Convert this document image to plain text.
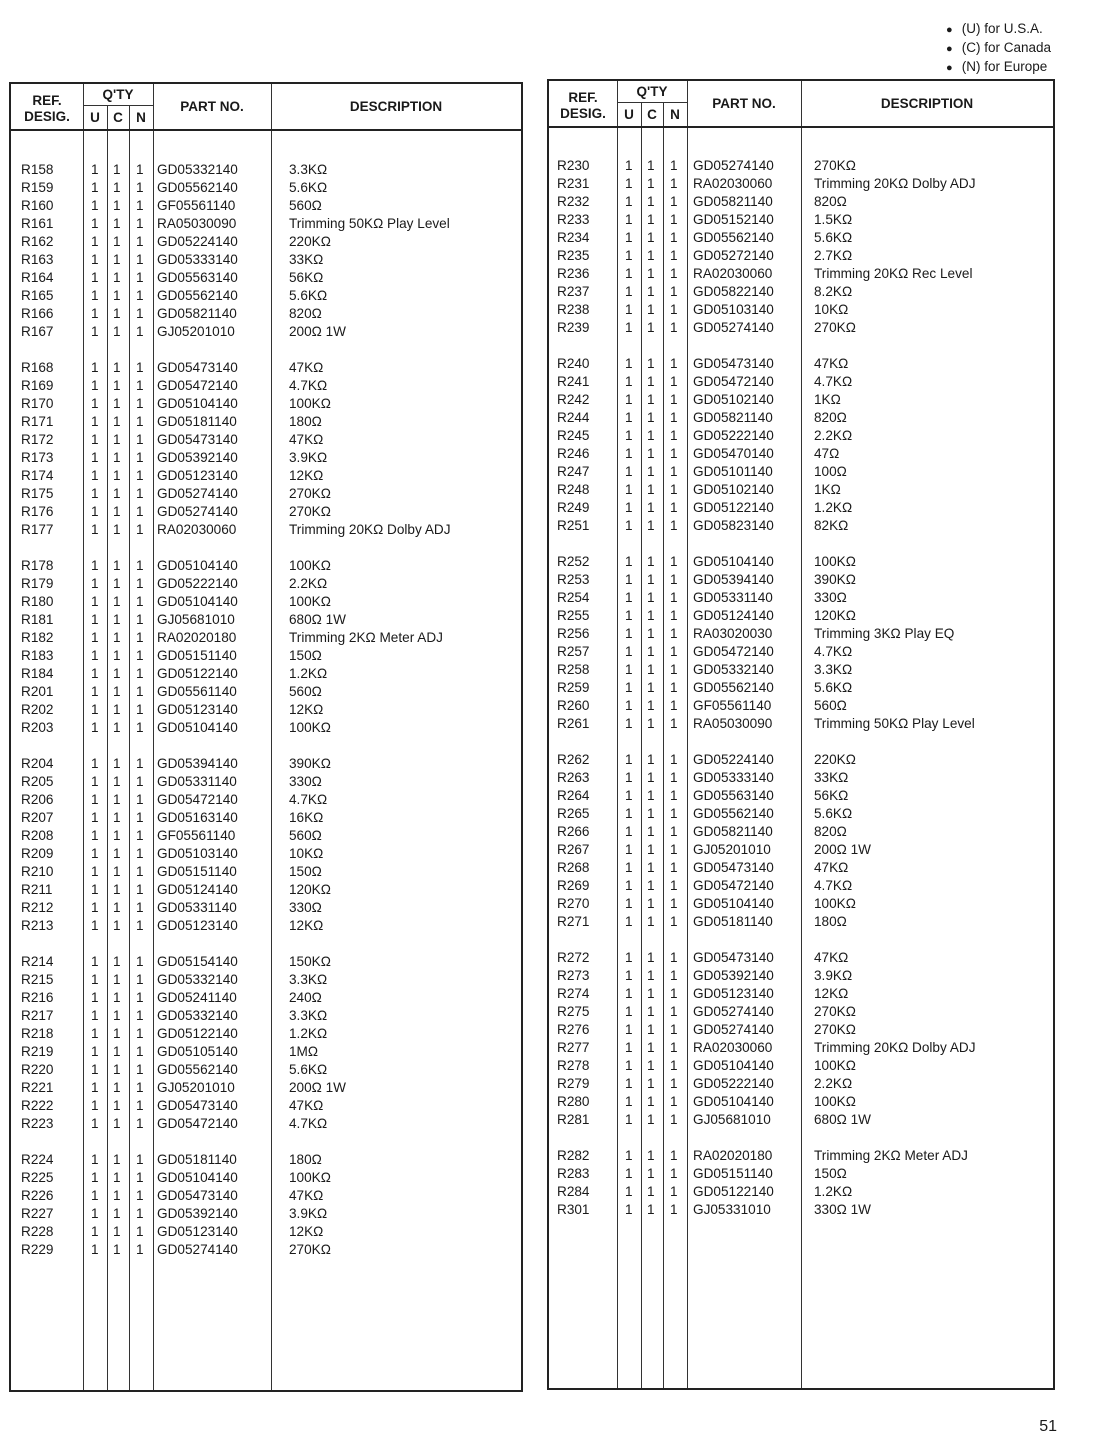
● (U) for U.S.A.
● (C) for Canada
● (N) for Europe
REF. DESIG.
Q'TY
U C N
PART NO.	DESCRIPTION
R158	1 1 1 GD05332140	3.3KΩ
R159	1 1 1 GD05562140	5.6KΩ
R160	1 1 1 GF05561140	560Ω
R161	1 1 1 RA05030090	Trimming 50KΩ Play Level
R162	1 1 1 GD05224140	220KΩ
R163	1 1 1 GD05333140	33KΩ
R164	1 1 1 GD05563140	56KΩ
R165	1 1 1 GD05562140	5.6KΩ
R166	1 1 1 GD05821140	820Ω
R167	1 1 1 GJ05201010	200Ω 1W
R168	1 1 1 GD05473140	47KΩ
R169	1 1 1 GD05472140	4.7KΩ
R170	1 1 1 GD05104140	100KΩ
R171	1 1 1 GD05181140	180Ω
R172	1 1 1 GD05473140	47KΩ
R173	1 1 1 GD05392140	3.9KΩ
R174	1 1 1 GD05123140	12KΩ
R175	1 1 1 GD05274140	270KΩ
R176	1 1 1 GD05274140	270KΩ
R177	1 1 1 RA02030060	Trimming 20KΩ Dolby ADJ
R178	1 1 1 GD05104140	100KΩ
R179	1 1 1 GD05222140	2.2KΩ
R180	1 1 1 GD05104140	100KΩ
R181	1 1 1 GJ05681010	680Ω 1W
R182	1 1 1 RA02020180	Trimming 2KΩ Meter ADJ
R183	1 1 1 GD05151140	150Ω
R184	1 1 1 GD05122140	1.2KΩ
R201	1 1 1 GD05561140	560Ω
R202	1 1 1 GD05123140	12KΩ
R203	1 1 1 GD05104140	100KΩ
R204	1 1 1 GD05394140	390KΩ
R205	1 1 1 GD05331140	330Ω
R206	1 1 1 GD05472140	4.7KΩ
R207	1 1 1 GD05163140	16KΩ
R208	1 1 1 GF05561140	560Ω
R209	1 1 1 GD05103140	10KΩ
R210	1 1 1 GD05151140	150Ω
R211	1 1 1 GD05124140	120KΩ
R212	1 1 1 GD05331140	330Ω
R213	1 1 1 GD05123140	12KΩ
R214	1 1 1 GD05154140	150KΩ
R215	1 1 1 GD05332140	3.3KΩ
R216	1 1 1 GD05241140	240Ω
R217	1 1 1 GD05332140	3.3KΩ
R218	1 1 1 GD05122140	1.2KΩ
R219	1 1 1 GD05105140	1MΩ
R220	1 1 1 GD05562140	5.6KΩ
R221	1 1 1 GJ05201010	200Ω 1W
R222	1 1 1 GD05473140	47KΩ
R223	1 1 1 GD05472140	4.7KΩ
R224	1 1 1 GD05181140	180Ω
R225	1 1 1 GD05104140	100KΩ
R226	1 1 1 GD05473140	47KΩ
R227	1 1 1 GD05392140	3.9KΩ
R228	1 1 1 GD05123140	12KΩ
R229	1 1 1 GD05274140	270KΩ
REF. DESIG.
Q'TY
U C N
PART NO.	DESCRIPTION
R230	1 1 1 GD05274140	270KΩ
R231	1 1 1 RA02030060	Trimming 20KΩ Dolby ADJ
R232	1 1 1 GD05821140	820Ω
R233	1 1 1 GD05152140	1.5KΩ
R234	1 1 1 GD05562140	5.6KΩ
R235	1 1 1 GD05272140	2.7KΩ
R236	1 1 1 RA02030060	Trimming 20KΩ Rec Level
R237	1 1 1 GD05822140	8.2KΩ
R238	1 1 1 GD05103140	10KΩ
R239	1 1 1 GD05274140	270KΩ
R240	1 1 1 GD05473140	47KΩ
R241	1 1 1 GD05472140	4.7KΩ
R242	1 1 1 GD05102140	1KΩ
R244	1 1 1 GD05821140	820Ω
R245	1 1 1 GD05222140	2.2KΩ
R246	1 1 1 GD05470140	47Ω
R247	1 1 1 GD05101140	100Ω
R248	1 1 1 GD05102140	1KΩ
R249	1 1 1 GD05122140	1.2KΩ
R251	1 1 1 GD05823140	82KΩ
R252	1 1 1 GD05104140	100KΩ
R253	1 1 1 GD05394140	390KΩ
R254	1 1 1 GD05331140	330Ω
R255	1 1 1 GD05124140	120KΩ
R256	1 1 1 RA03020030	Trimming 3KΩ Play EQ
R257	1 1 1 GD05472140	4.7KΩ
R258	1 1 1 GD05332140	3.3KΩ
R259	1 1 1 GD05562140	5.6KΩ
R260	1 1 1 GF05561140	560Ω
R261	1 1 1 RA05030090	Trimming 50KΩ Play Level
R262	1 1 1 GD05224140	220KΩ
R263	1 1 1 GD05333140	33KΩ
R264	1 1 1 GD05563140	56KΩ
R265	1 1 1 GD05562140	5.6KΩ
R266	1 1 1 GD05821140	820Ω
R267	1 1 1 GJ05201010	200Ω 1W
R268	1 1 1 GD05473140	47KΩ
R269	1 1 1 GD05472140	4.7KΩ
R270	1 1 1 GD05104140	100KΩ
R271	1 1 1 GD05181140	180Ω
R272	1 1 1 GD05473140	47KΩ
R273	1 1 1 GD05392140	3.9KΩ
R274	1 1 1 GD05123140	12KΩ
R275	1 1 1 GD05274140	270KΩ
R276	1 1 1 GD05274140	270KΩ
R277	1 1 1 RA02030060	Trimming 20KΩ Dolby ADJ
R278	1 1 1 GD05104140	100KΩ
R279	1 1 1 GD05222140	2.2KΩ
R280	1 1 1 GD05104140	100KΩ
R281	1 1 1 GJ05681010	680Ω 1W
R282	1 1 1 RA02020180	Trimming 2KΩ Meter ADJ
R283	1 1 1 GD05151140	150Ω
R284	1 1 1 GD05122140	1.2KΩ
R301	1 1 1 GJ05331010	330Ω 1W
51
